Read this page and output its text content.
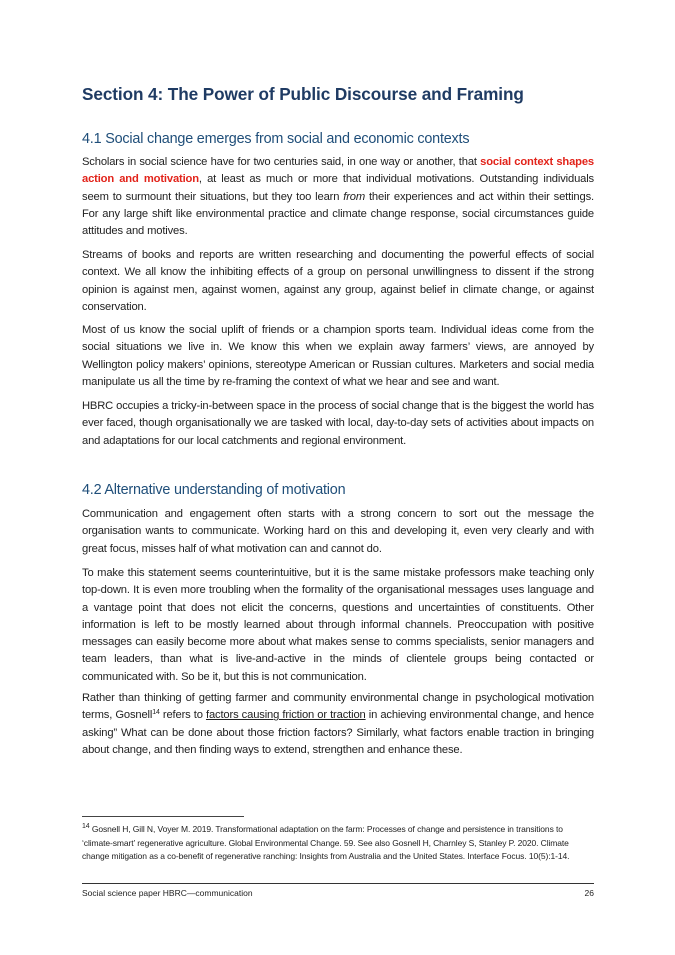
Section 4: The Power of Public Discourse and Framing
4.1 Social change emerges from social and economic contexts

Scholars in social science have for two centuries said, in one way or another, that social context shapes action and motivation, at least as much or more that individual motivations. Outstanding individuals seem to surmount their situations, but they too learn from their experiences and act within their settings. For any large shift like environmental practice and climate change response, social circumstances guide attitudes and motives.

Streams of books and reports are written researching and documenting the powerful effects of social context. We all know the inhibiting effects of a group on personal unwillingness to dissent if the strong opinion is against men, against women, against any group, against belief in climate change, or against conservation.

Most of us know the social uplift of friends or a champion sports team. Individual ideas come from the social situations we live in. We know this when we explain away farmers’ views, are annoyed by Wellington policy makers’ opinions, stereotype American or Russian cultures. Marketers and social media manipulate us all the time by re-framing the context of what we hear and see and want.

HBRC occupies a tricky-in-between space in the process of social change that is the biggest the world has ever faced, though organisationally we are tasked with local, day-to-day sets of activities about impacts on and adaptations for our local catchments and regional environment.

4.2 Alternative understanding of motivation

Communication and engagement often starts with a strong concern to sort out the message the organisation wants to communicate. Working hard on this and developing it, even very clearly and with great focus, misses half of what motivation can and cannot do.

To make this statement seems counterintuitive, but it is the same mistake professors make teaching only top-down. It is even more troubling when the formality of the organisational messages uses language and a vantage point that does not elicit the concerns, questions and uncertainties of constituents. Other information is left to be mostly learned about through informal channels. Preoccupation with positive messages can easily become more about what makes sense to comms specialists, senior managers and team leaders, than what is live-and-active in the minds of clientele groups being contacted or communicated with. So be it, but this is not communication.

Rather than thinking of getting farmer and community environmental change in psychological motivation terms, Gosnell$^{14}$ refers to factors causing friction or traction in achieving environmental change, and hence asking” What can be done about those friction factors? Similarly, what factors enable traction in bringing about change, and then finding ways to extend, strengthen and enhance these.

$^{14}$ Gosnell H, Gill N, Voyer M. 2019. Transformational adaptation on the farm: Processes of change and persistence in transitions to ‘climate-smart’ regenerative agriculture. Global Environmental Change. 59. See also Gosnell H, Charnley S, Stanley P. 2020. Climate change mitigation as a co-benefit of regenerative ranching: Insights from Australia and the United States. Interface Focus. 10(5):1-14.

Social science paper HBRC—communication	26
